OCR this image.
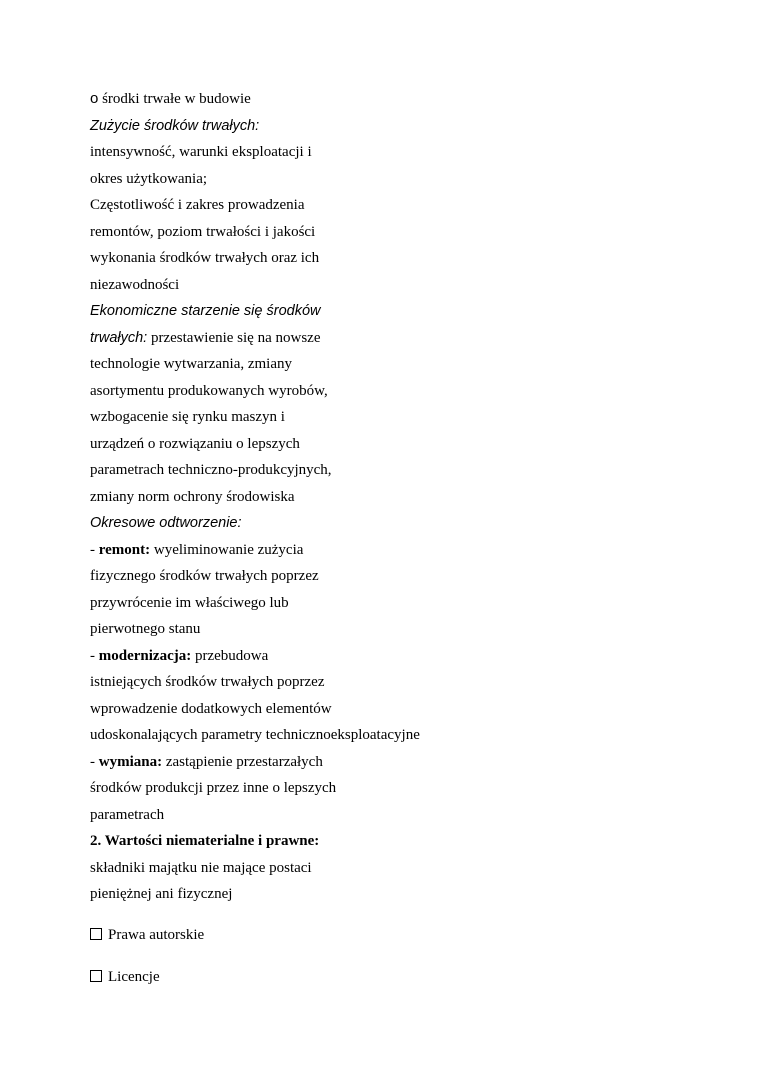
o środki trwałe w budowie
Zużycie środków trwałych:
intensywność, warunki eksploatacji i
okres użytkowania;
Częstotliwość i zakres prowadzenia
remontów, poziom trwałości i jakości
wykonania środków trwałych oraz ich
niezawodności
Ekonomiczne starzenie się środków
trwałych: przestawienie się na nowsze
technologie wytwarzania, zmiany
asortymentu produkowanych wyrobów,
wzbogacenie się rynku maszyn i
urządzeń o rozwiązaniu o lepszych
parametrach techniczno-produkcyjnych,
zmiany norm ochrony środowiska
Okresowe odtworzenie:
- remont: wyeliminowanie zużycia
fizycznego środków trwałych poprzez
przywrócenie im właściwego lub
pierwotnego stanu
- modernizacja: przebudowa
istniejących środków trwałych poprzez
wprowadzenie dodatkowych elementów
udoskonalających parametry technicznoeksploatacyjne
- wymiana: zastąpienie przestarzałych
środków produkcji przez inne o lepszych
parametrach
2. Wartości niematerialne i prawne:
składniki majątku nie mające postaci
pieniężnej ani fizycznej
Prawa autorskie
Licencje
